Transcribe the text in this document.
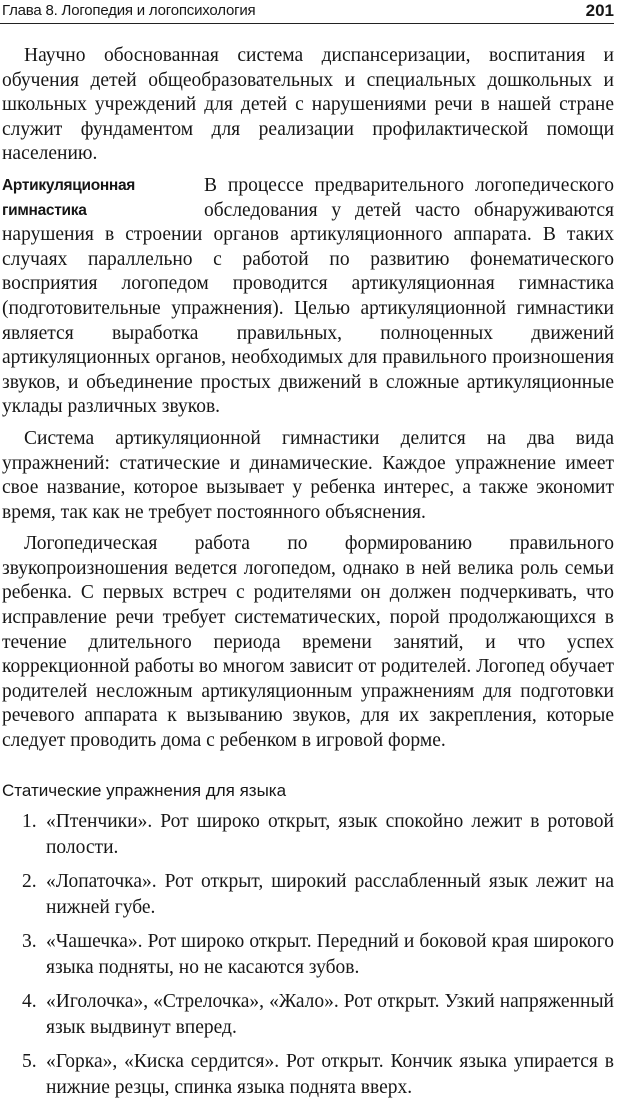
Глава 8. Логопедия и логопсихология	201

Научно обоснованная система диспансеризации, воспитания и обучения детей общеобразовательных и специальных дошкольных и школьных учреждений для детей с нарушениями речи в нашей стране служит фундаментом для реализации профилактической помощи населению.

Артикуляционная гимнастика
В процессе предварительного логопедического обследования у детей часто обнаруживаются нарушения в строении органов артикуляционного аппарата. В таких случаях параллельно с работой по развитию фонематического восприятия логопедом проводится артикуляционная гимнастика (подготовительные упражнения). Целью артикуляционной гимнастики является выработка правильных, полноценных движений артикуляционных органов, необходимых для правильного произношения звуков, и объединение простых движений в сложные артикуляционные уклады различных звуков.

Система артикуляционной гимнастики делится на два вида упражнений: статические и динамические. Каждое упражнение имеет свое название, которое вызывает у ребенка интерес, а также экономит время, так как не требует постоянного объяснения.

Логопедическая работа по формированию правильного звукопроизношения ведется логопедом, однако в ней велика роль семьи ребенка. С первых встреч с родителями он должен подчеркивать, что исправление речи требует систематических, порой продолжающихся в течение длительного периода времени занятий, и что успех коррекционной работы во многом зависит от родителей. Логопед обучает родителей несложным артикуляционным упражнениям для подготовки речевого аппарата к вызыванию звуков, для их закрепления, которые следует проводить дома с ребенком в игровой форме.

Статические упражнения для языка
1. «Птенчики». Рот широко открыт, язык спокойно лежит в ротовой полости.
2. «Лопаточка». Рот открыт, широкий расслабленный язык лежит на нижней губе.
3. «Чашечка». Рот широко открыт. Передний и боковой края широкого языка подняты, но не касаются зубов.
4. «Иголочка», «Стрелочка», «Жало». Рот открыт. Узкий напряженный язык выдвинут вперед.
5. «Горка», «Киска сердится». Рот открыт. Кончик языка упирается в нижние резцы, спинка языка поднята вверх.
